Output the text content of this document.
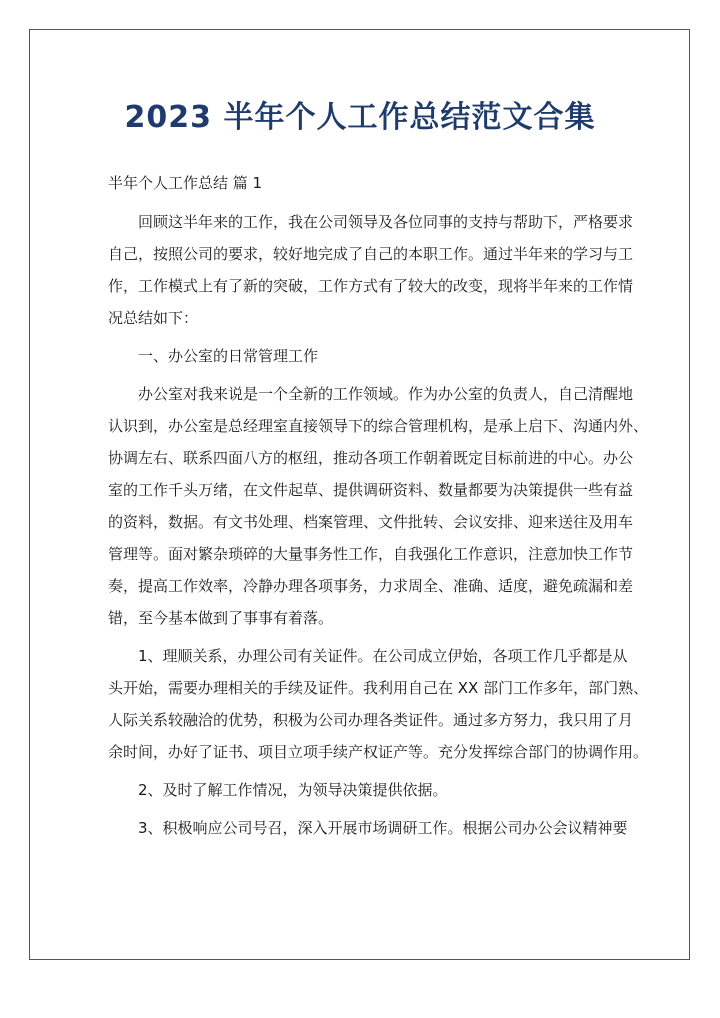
2023 半年个人工作总结范文合集

半年个人工作总结 篇 1

回顾这半年来的工作，我在公司领导及各位同事的支持与帮助下，严格要求
自己，按照公司的要求，较好地完成了自己的本职工作。通过半年来的学习与工
作，工作模式上有了新的突破，工作方式有了较大的改变，现将半年来的工作情
况总结如下：
一、办公室的日常管理工作
办公室对我来说是一个全新的工作领域。作为办公室的负责人，自己清醒地
认识到，办公室是总经理室直接领导下的综合管理机构，是承上启下、沟通内外、
协调左右、联系四面八方的枢纽，推动各项工作朝着既定目标前进的中心。办公
室的工作千头万绪，在文件起草、提供调研资料、数量都要为决策提供一些有益
的资料，数据。有文书处理、档案管理、文件批转、会议安排、迎来送往及用车
管理等。面对繁杂琐碎的大量事务性工作，自我强化工作意识，注意加快工作节
奏，提高工作效率，冷静办理各项事务，力求周全、准确、适度，避免疏漏和差
错，至今基本做到了事事有着落。
1、理顺关系，办理公司有关证件。在公司成立伊始，各项工作几乎都是从
头开始，需要办理相关的手续及证件。我利用自己在 XX 部门工作多年，部门熟、
人际关系较融洽的优势，积极为公司办理各类证件。通过多方努力，我只用了月
余时间，办好了证书、项目立项手续产权证产等。充分发挥综合部门的协调作用。
2、及时了解工作情况，为领导决策提供依据。
3、积极响应公司号召，深入开展市场调研工作。根据公司办公会议精神要
